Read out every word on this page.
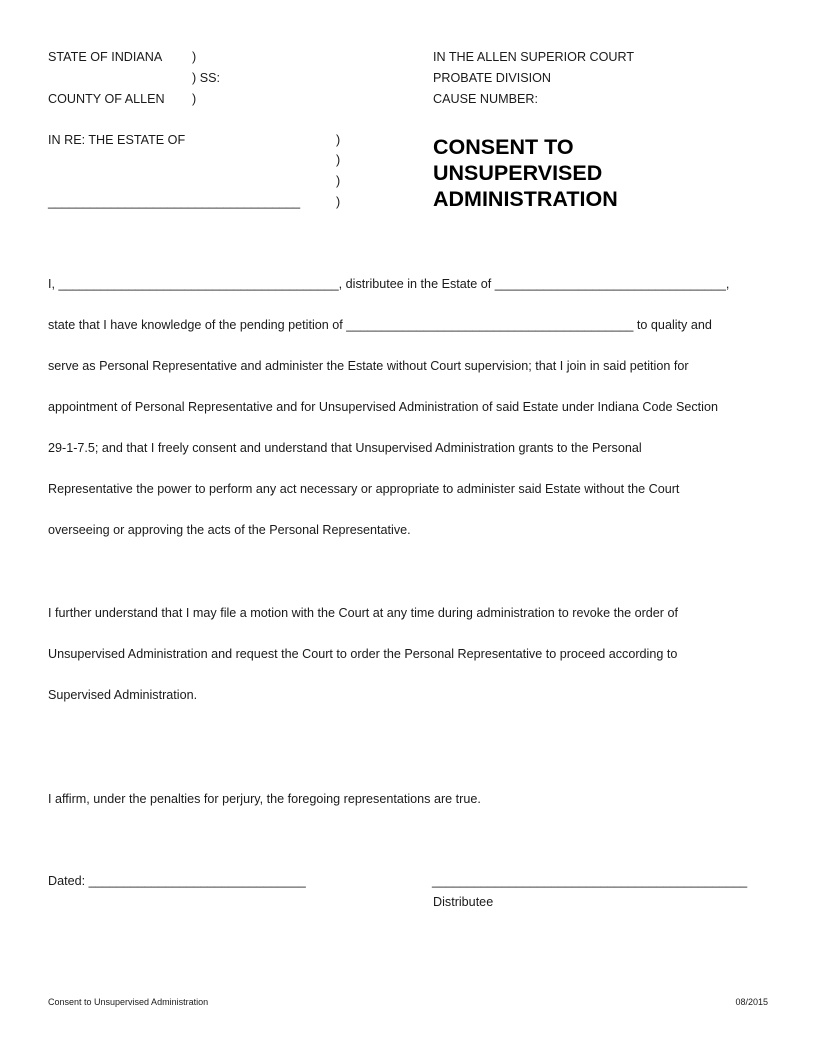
STATE OF INDIANA )
) SS:
COUNTY OF ALLEN )
IN THE ALLEN SUPERIOR COURT
PROBATE DIVISION
CAUSE NUMBER:
IN RE: THE ESTATE OF	)
)
)
____________________________________	)
CONSENT TO
UNSUPERVISED
ADMINISTRATION
I, ________________________________________, distributee in the Estate of _________________________________,
state that I have knowledge of the pending petition of _________________________________________ to quality and
serve as Personal Representative and administer the Estate without Court supervision; that I join in said petition for
appointment of Personal Representative and for Unsupervised Administration of said Estate under Indiana Code Section
29-1-7.5; and that I freely consent and understand that Unsupervised Administration grants to the Personal
Representative the power to perform any act necessary or appropriate to administer said Estate without the Court
overseeing or approving the acts of the Personal Representative.
I further understand that I may file a motion with the Court at any time during administration to revoke the order of
Unsupervised Administration and request the Court to order the Personal Representative to proceed according to
Supervised Administration.
I affirm, under the penalties for perjury, the foregoing representations are true.
Dated: _______________________________	_____________________________________________
Distributee
Consent to Unsupervised Administration	08/2015
